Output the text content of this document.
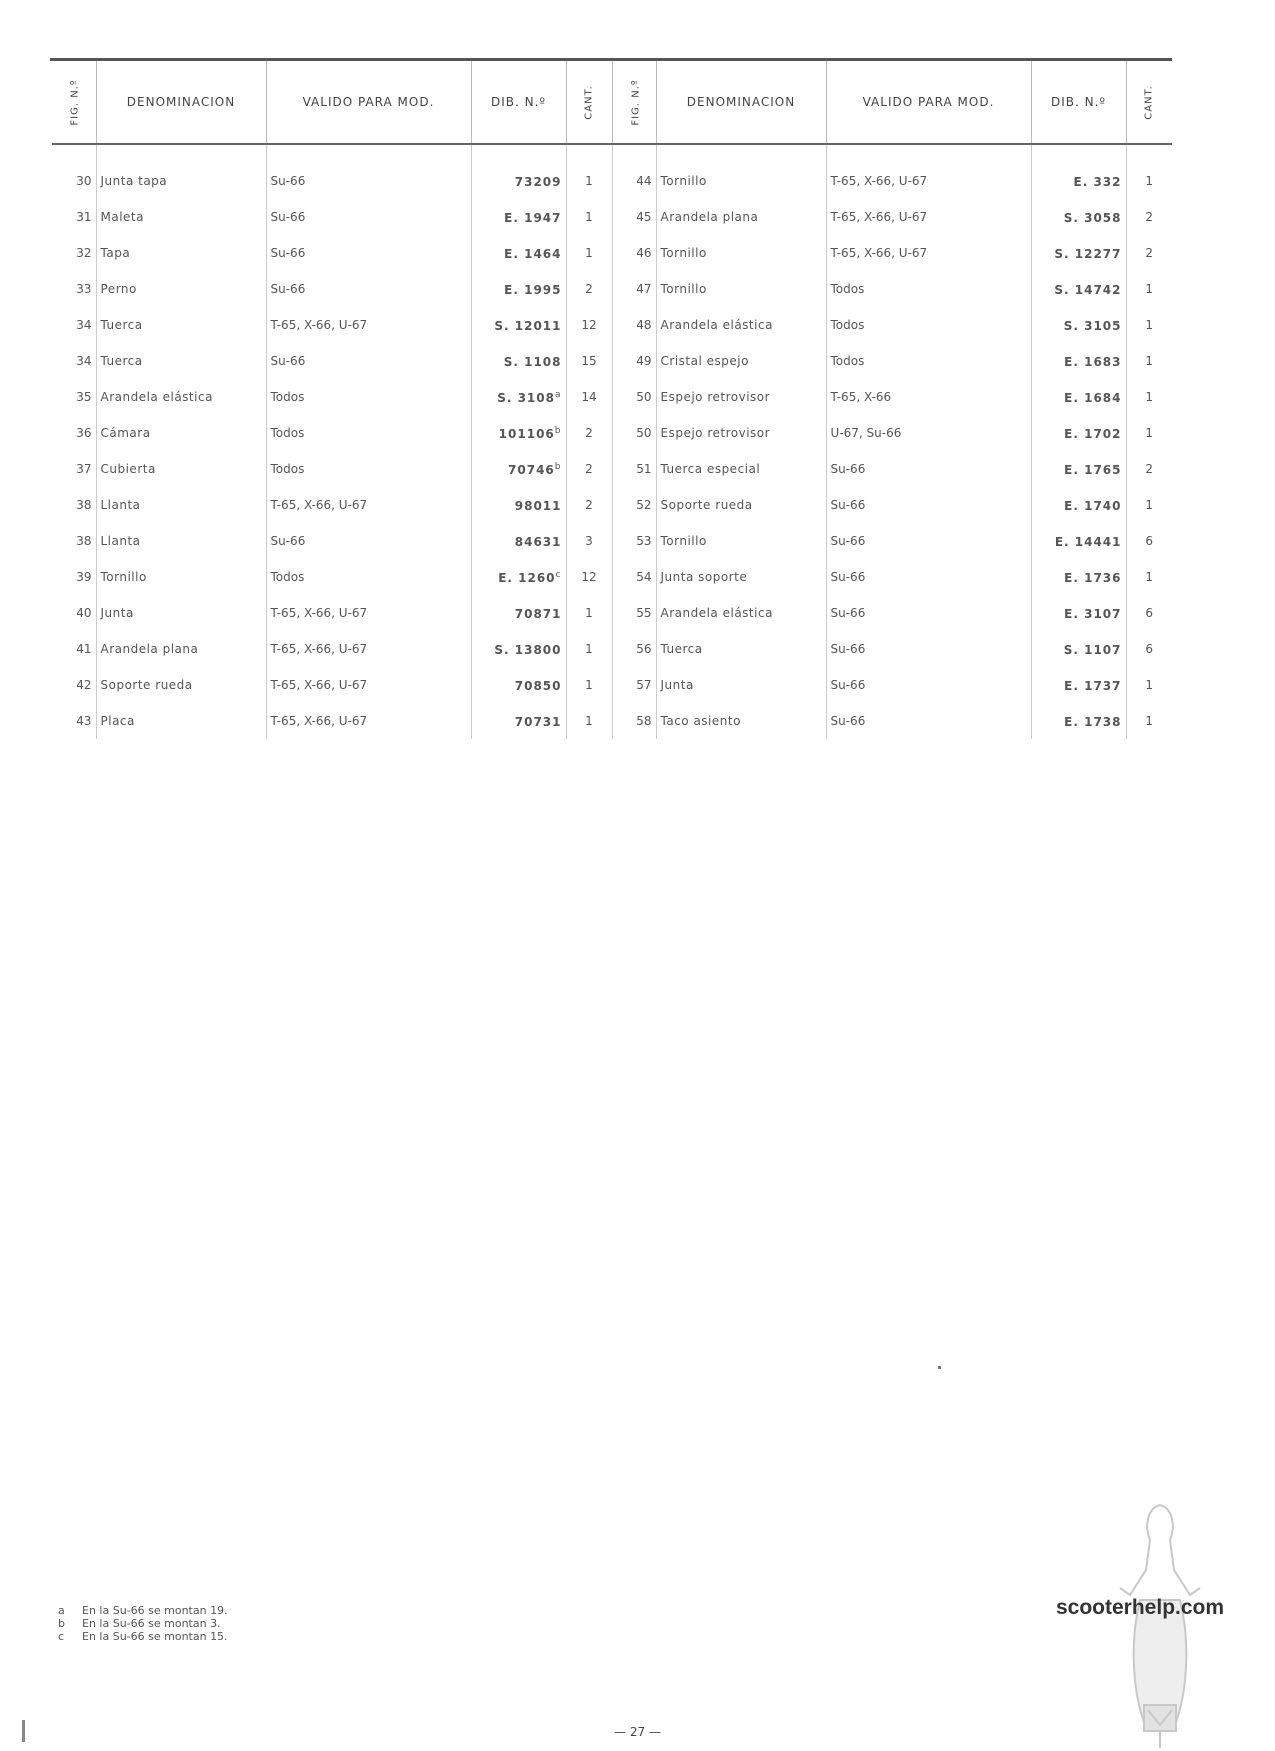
FIG. N.º	DENOMINACION	VALIDO PARA MOD.	DIB. N.º	CANT.	FIG. N.º	DENOMINACION	VALIDO PARA MOD.	DIB. N.º	CANT.
30	Junta tapa	Su-66	73209	1	44	Tornillo	T-65, X-66, U-67	E. 332	1
31	Maleta	Su-66	E. 1947	1	45	Arandela plana	T-65, X-66, U-67	S. 3058	2
32	Tapa	Su-66	E. 1464	1	46	Tornillo	T-65, X-66, U-67	S. 12277	2
33	Perno	Su-66	E. 1995	2	47	Tornillo	Todos	S. 14742	1
34	Tuerca	T-65, X-66, U-67	S. 12011	12	48	Arandela elástica	Todos	S. 3105	1
34	Tuerca	Su-66	S. 1108	15	49	Cristal espejo	Todos	E. 1683	1
35	Arandela elástica	Todos	S. 3108$^a$	14	50	Espejo retrovisor	T-65, X-66	E. 1684	1
36	Cámara	Todos	101106$^b$	2	50	Espejo retrovisor	U-67, Su-66	E. 1702	1
37	Cubierta	Todos	70746$^b$	2	51	Tuerca especial	Su-66	E. 1765	2
38	Llanta	T-65, X-66, U-67	98011	2	52	Soporte rueda	Su-66	E. 1740	1
38	Llanta	Su-66	84631	3	53	Tornillo	Su-66	E. 14441	6
39	Tornillo	Todos	E. 1260$^c$	12	54	Junta soporte	Su-66	E. 1736	1
40	Junta	T-65, X-66, U-67	70871	1	55	Arandela elástica	Su-66	E. 3107	6
41	Arandela plana	T-65, X-66, U-67	S. 13800	1	56	Tuerca	Su-66	S. 1107	6
42	Soporte rueda	T-65, X-66, U-67	70850	1	57	Junta	Su-66	E. 1737	1
43	Placa	T-65, X-66, U-67	70731	1	58	Taco asiento	Su-66	E. 1738	1
a En la Su-66 se montan 19.
b En la Su-66 se montan 3.
c En la Su-66 se montan 15.
scooterhelp.com
— 27 —
